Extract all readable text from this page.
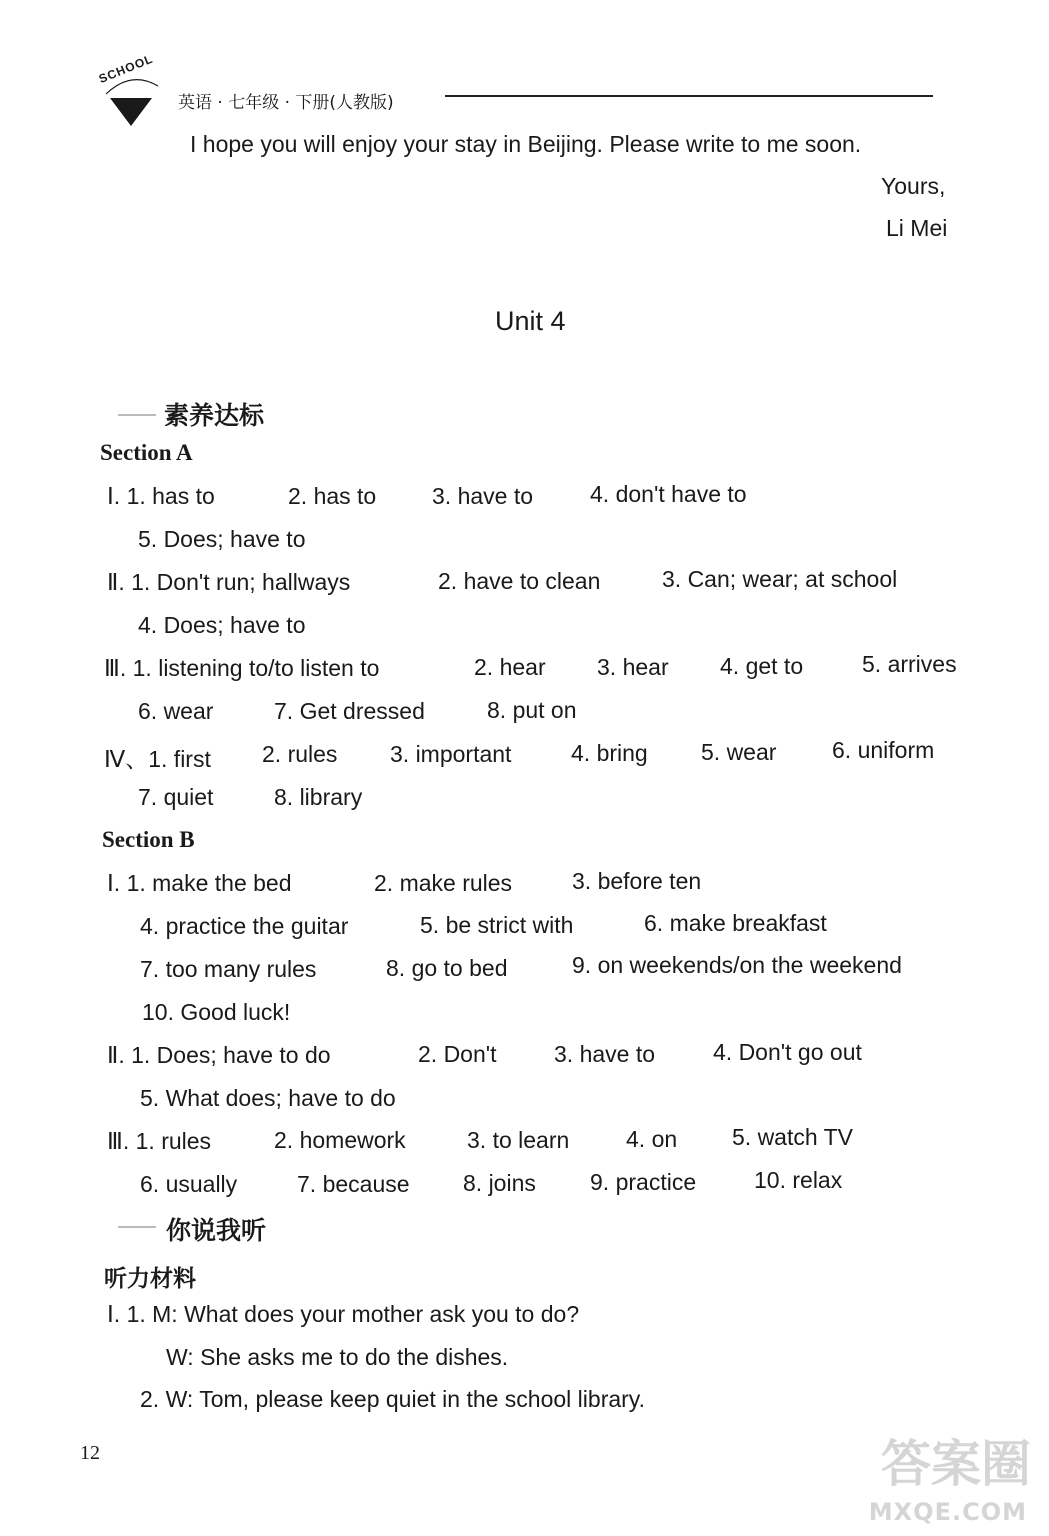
SCHOOL
英语 · 七年级 · 下册(人教版)
I hope you will enjoy your stay in Beijing. Please write to me soon.
Yours,
Li Mei
Unit 4
素养达标
Section A
Ⅰ. 1. has to	2. has to 3. have to 4. don't have to
5. Does; have to
Ⅱ. 1. Don't run; hallways	2. have to clean	3. Can; wear; at school
4. Does; have to
Ⅲ. 1. listening to/to listen to	2. hear 3. hear 4. get to	5. arrives
6. wear	7. Get dressed	8. put on
Ⅳ、1. first 2. rules 3. important	4. bring 5. wear 6. uniform
7. quiet	8. library
Section B
Ⅰ. 1. make the bed	2. make rules	3. before ten
4. practice the guitar	5. be strict with	6. make breakfast
7. too many rules	8. go to bed	9. on weekends/on the weekend
10. Good luck!
Ⅱ. 1. Does; have to do	2. Don't 3. have to	4. Don't go out
5. What does; have to do
Ⅲ. 1. rules	2. homework	3. to learn 4. on 5. watch TV
6. usually	7. because 8. joins 9. practice	10. relax
你说我听
听力材料
Ⅰ. 1. M: What does your mother ask you to do?
W: She asks me to do the dishes.
2. W: Tom, please keep quiet in the school library.
12	答案圈
MXQE.COM
